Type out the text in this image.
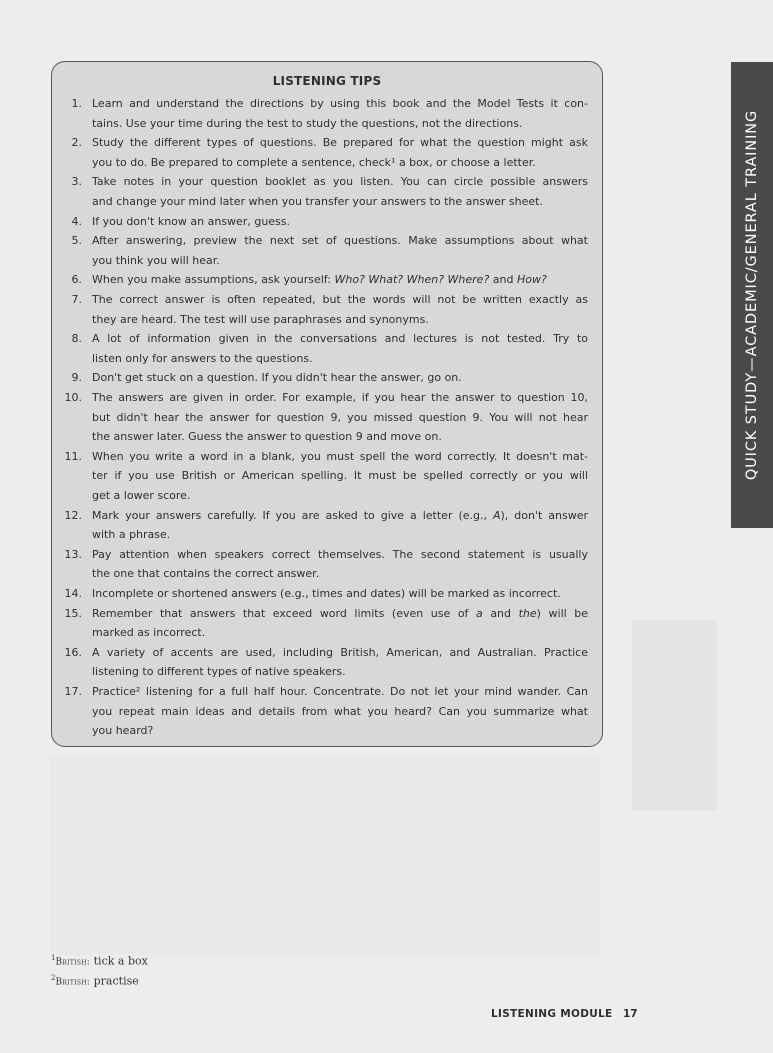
QUICK STUDY—ACADEMIC/GENERAL TRAINING
LISTENING TIPS
1. Learn and understand the directions by using this book and the Model Tests it con-
tains. Use your time during the test to study the questions, not the directions.
2. Study the different types of questions. Be prepared for what the question might ask
you to do. Be prepared to complete a sentence, check¹ a box, or choose a letter.
3. Take notes in your question booklet as you listen. You can circle possible answers
and change your mind later when you transfer your answers to the answer sheet.
4. If you don't know an answer, guess.
5. After answering, preview the next set of questions. Make assumptions about what
you think you will hear.
6. When you make assumptions, ask yourself: Who? What? When? Where? and How?
7. The correct answer is often repeated, but the words will not be written exactly as
they are heard. The test will use paraphrases and synonyms.
8. A lot of information given in the conversations and lectures is not tested. Try to
listen only for answers to the questions.
9. Don't get stuck on a question. If you didn't hear the answer, go on.
10. The answers are given in order. For example, if you hear the answer to question 10,
but didn't hear the answer for question 9, you missed question 9. You will not hear
the answer later. Guess the answer to question 9 and move on.
11. When you write a word in a blank, you must spell the word correctly. It doesn't mat-
ter if you use British or American spelling. It must be spelled correctly or you will
get a lower score.
12. Mark your answers carefully. If you are asked to give a letter (e.g., A), don't answer
with a phrase.
13. Pay attention when speakers correct themselves. The second statement is usually
the one that contains the correct answer.
14. Incomplete or shortened answers (e.g., times and dates) will be marked as incorrect.
15. Remember that answers that exceed word limits (even use of a and the) will be
marked as incorrect.
16. A variety of accents are used, including British, American, and Australian. Practice
listening to different types of native speakers.
17. Practice² listening for a full half hour. Concentrate. Do not let your mind wander. Can
you repeat main ideas and details from what you heard? Can you summarize what
you heard?
$^1$British: tick a box
$^2$British: practise
LISTENING MODULE 17
